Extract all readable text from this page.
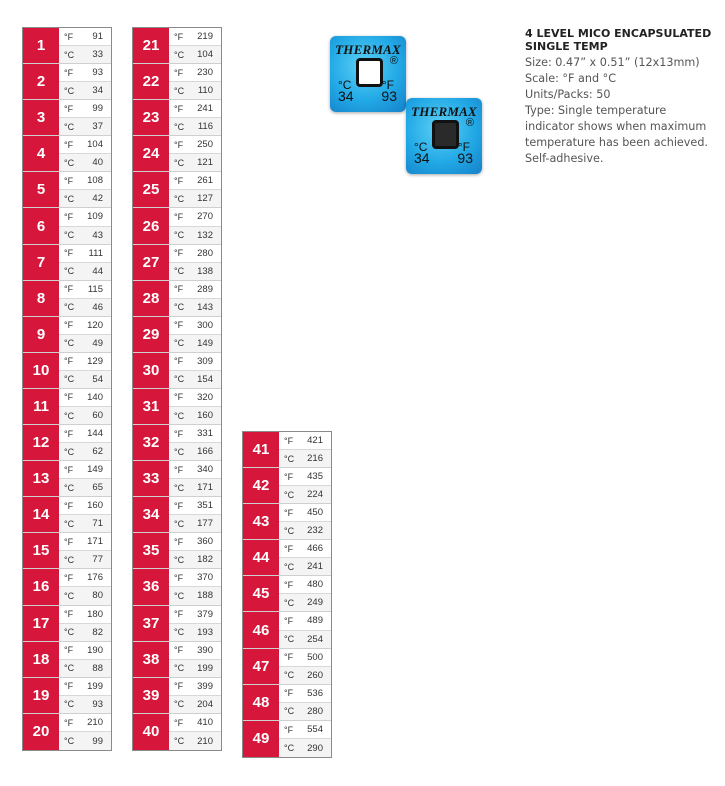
1
°F 91
°C 33
2
°F 93
°C 34
3
°F 99
°C 37
4
°F 104
°C 40
5
°F 108
°C 42
6
°F 109
°C 43
7
°F 111
°C 44
8
°F 115
°C 46
9
°F 120
°C 49
10
°F 129
°C 54
11
°F 140
°C 60
12
°F 144
°C 62
13
°F 149
°C 65
14
°F 160
°C 71
15
°F 171
°C 77
16
°F 176
°C 80
17
°F 180
°C 82
18
°F 190
°C 88
19
°F 199
°C 93
20
°F 210
°C 99
21
°F 219
°C 104
22
°F 230
°C 110
23
°F 241
°C 116
24
°F 250
°C 121
25
°F 261
°C 127
26
°F 270
°C 132
27
°F 280
°C 138
28
°F 289
°C 143
29
°F 300
°C 149
30
°F 309
°C 154
31
°F 320
°C 160
32
°F 331
°C 166
33
°F 340
°C 171
34
°F 351
°C 177
35
°F 360
°C 182
36
°F 370
°C 188
37
°F 379
°C 193
38
°F 390
°C 199
39
°F 399
°C 204
40
°F 410
°C 210
41
°F 421
°C 216
42
°F 435
°C 224
43
°F 450
°C 232
44
°F 466
°C 241
45
°F 480
°C 249
46
°F 489
°C 254
47
°F 500
°C 260
48
°F 536
°C 280
49
°F 554
°C 290
THERMAX
®
°C	°F
34 93
THERMAX
®
°C	°F
34 93
4 LEVEL MICO ENCAPSULATED
SINGLE TEMP
Size: 0.47” x 0.51” (12x13mm)
Scale: °F and °C
Units/Packs: 50
Type: Single temperature
indicator shows when maximum
temperature has been achieved.
Self-adhesive.
